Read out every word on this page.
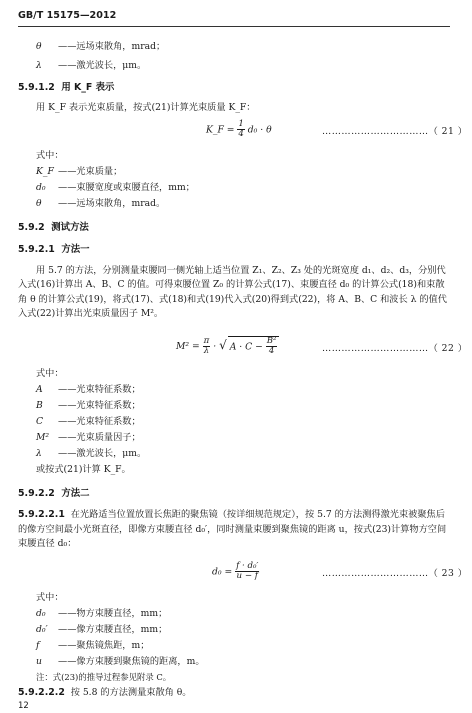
GB/T 15175—2012
θ ——远场束散角，mrad；
λ ——激光波长，μm。
5.9.1.2 用 K_F 表示
用 K_F 表示光束质量，按式(21)计算光束质量 K_F：
K_F = $\frac{1}{4} d_0 \cdot \theta$	……………………………（ 21 ）
式中：
K_F ——光束质量；
d₀ ——束腰宽度或束腰直径，mm；
θ ——远场束散角，mrad。
5.9.2 测试方法
5.9.2.1 方法一
用 5.7 的方法，分别测量束腰同一侧光轴上适当位置 Z₁、Z₂、Z₃ 处的光斑宽度 d₁、d₂、d₃，分别代入式(16)计算出 A、B、C 的值。可得束腰位置 Z₀ 的计算公式(17)、束腰直径 d₀ 的计算公式(18)和束散角 θ 的计算公式(19)，将式(17)、式(18)和式(19)代入式(20)得到式(22)，将 A、B、C 和波长 λ 的值代入式(22)计算出光束质量因子 M²。
$M^2 = \frac{\pi}{\lambda}$ · √ $A \cdot C - \frac{\text{B²}}{4}$	……………………………（ 22 ）
式中：
A ——光束特征系数；
B ——光束特征系数；
C ——光束特征系数；
M² ——光束质量因子；
λ ——激光波长，μm。
或按式(21)计算 K_F。
5.9.2.2 方法二
5.9.2.2.1 在光路适当位置放置长焦距的聚焦镜（按详细规范规定），按 5.7 的方法测得激光束被聚焦后的像方空间最小光斑直径，即像方束腰直径 d₀′，同时测量束腰到聚焦镜的距离 u，按式(23)计算物方空间束腰直径 d₀：
$d_0 = \frac{\text{f · d₀′}}{u - f}$	……………………………（ 23 ）
式中：
d₀ ——物方束腰直径，mm；
d₀′ ——像方束腰直径，mm；
f ——聚焦镜焦距，m；
u ——像方束腰到聚焦镜的距离，m。
注：式(23)的推导过程参见附录 C。
5.9.2.2.2 按 5.8 的方法测量束散角 θ。
12
